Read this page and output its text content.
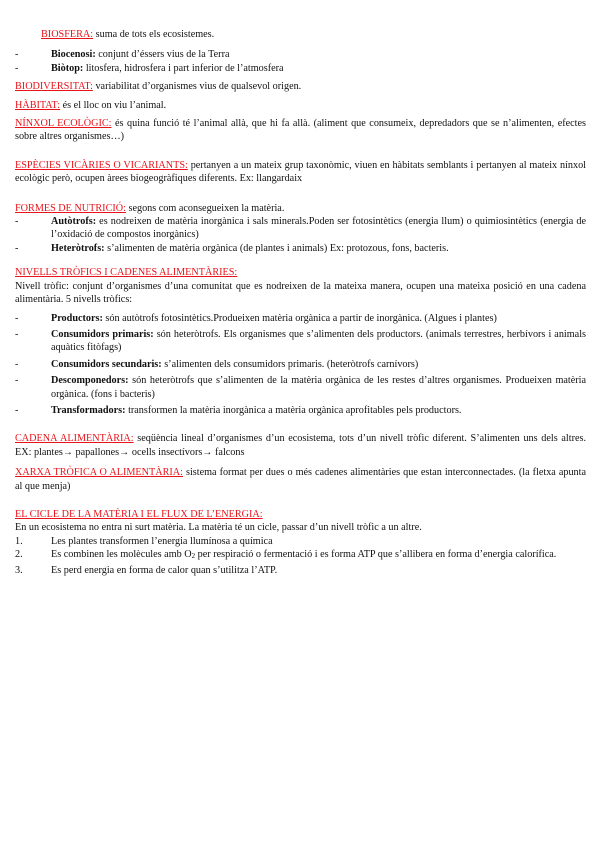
BIOSFERA: suma de tots els ecosistemes.

-	Biocenosi: conjunt d’éssers vius de la Terra
-	Biòtop: litosfera, hidrosfera i part inferior de l’atmosfera

BIODIVERSITAT: variabilitat d’organismes vius de qualsevol origen.

HÀBITAT: és el lloc on viu l’animal.

NÍNXOL ECOLÒGIC: és quina funció té l’animal allà, que hi fa allà. (aliment que consumeix, depredadors que se n’alimenten, efectes sobre altres organismes…)

ESPÈCIES VICÀRIES O VICARIANTS: pertanyen a un mateix grup taxonòmic, viuen en hàbitats semblants i pertanyen al mateix nínxol ecològic però, ocupen àrees biogeogràfiques diferents. Ex: llangardaix

FORMES DE NUTRICIÓ: segons com aconsegueixen la matèria.

-	Autòtrofs: es nodreixen de matèria inorgànica i sals minerals.Poden ser fotosintètics (energia llum) o quimiosintètics (energia de l’oxidació de compostos inorgànics)
-	Heteròtrofs: s’alimenten de matèria orgànica (de plantes i animals) Ex: protozous, fons, bacteris.

NIVELLS TRÒFICS I CADENES ALIMENTÀRIES:

Nivell tròfic: conjunt d’organismes d’una comunitat que es nodreixen de la mateixa manera, ocupen una mateixa posició en una cadena alimentària. 5 nivells tròfics:

-	Productors: són autòtrofs fotosintètics.Produeixen matèria orgànica a partir de inorgànica. (Algues i plantes)
-	Consumidors primaris: són heteròtrofs. Els organismes que s’alimenten dels productors. (animals terrestres, herbívors i animals aquàtics fitòfags)
-	Consumidors secundaris: s’alimenten dels consumidors primaris. (heteròtrofs carnívors)
-	Descomponedors: són heteròtrofs que s’alimenten de la matèria orgànica de les restes d’altres organismes. Produeixen matèria orgànica. (fons i bacteris)
-	Transformadors: transformen la matèria inorgànica a matèria orgànica aprofitables pels productors.

CADENA ALIMENTÀRIA: seqüència lineal d’organismes d’un ecosistema, tots d’un nivell tròfic diferent. S’alimenten uns dels altres. EX: plantes→ papallones→ ocells insectívors→ falcons

XARXA TRÒFICA O ALIMENTÀRIA: sistema format per dues o més cadenes alimentàries que estan interconnectades. (la fletxa apunta al que menja)

EL CICLE DE LA MATÈRIA I EL FLUX DE L’ENERGIA:

En un ecosistema no entra ni surt matèria. La matèria té un cicle, passar d’un nivell tròfic a un altre.

1.	Les plantes transformen l’energia llumínosa a química
2.	Es combinen les molècules amb O2 per respiració o fermentació i es forma ATP que s’allibera en forma d’energia calorífica.
3.	Es perd energia en forma de calor quan s’utilitza l’ATP.
